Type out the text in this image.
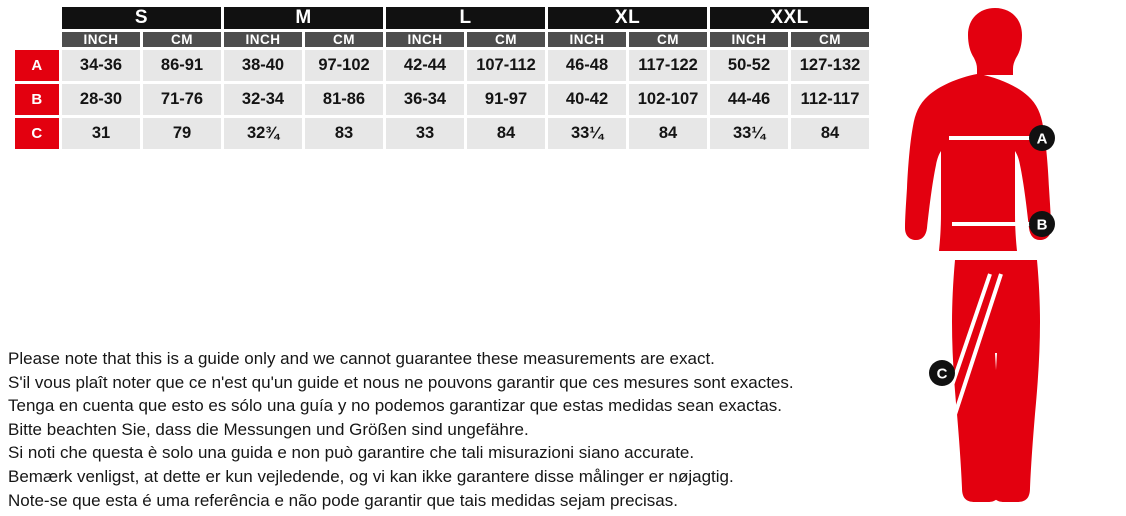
	S		M		L		XL		XXL	
	INCH	CM	INCH	CM	INCH	CM	INCH	CM	INCH	CM

A	34-36	86-91	38-40	97-102	42-44	107-112	46-48	117-122	50-52	127-132

B	28-30	71-76	32-34	81-86	36-34	91-97	40-42	102-107	44-46	112-117

C	31	79	32¾	83	33	84	33¼	84	33¼	84

Please note that this is a guide only and we cannot guarantee these measurements are exact.

S'il vous plaît noter que ce n'est qu'un guide et nous ne pouvons garantir que ces mesures sont exactes.

Tenga en cuenta que esto es sólo una guía y no podemos garantizar que estas medidas sean exactas.

Bitte beachten Sie, dass die Messungen und Größen sind ungefähre.

Si noti che questa è solo una guida e non può garantire che tali misurazioni siano accurate.

Bemærk venligst, at dette er kun vejledende, og vi kan ikke garantere disse målinger er nøjagtig.

Note-se que esta é uma referência e não pode garantir que tais medidas sejam precisas.

A
B
C
